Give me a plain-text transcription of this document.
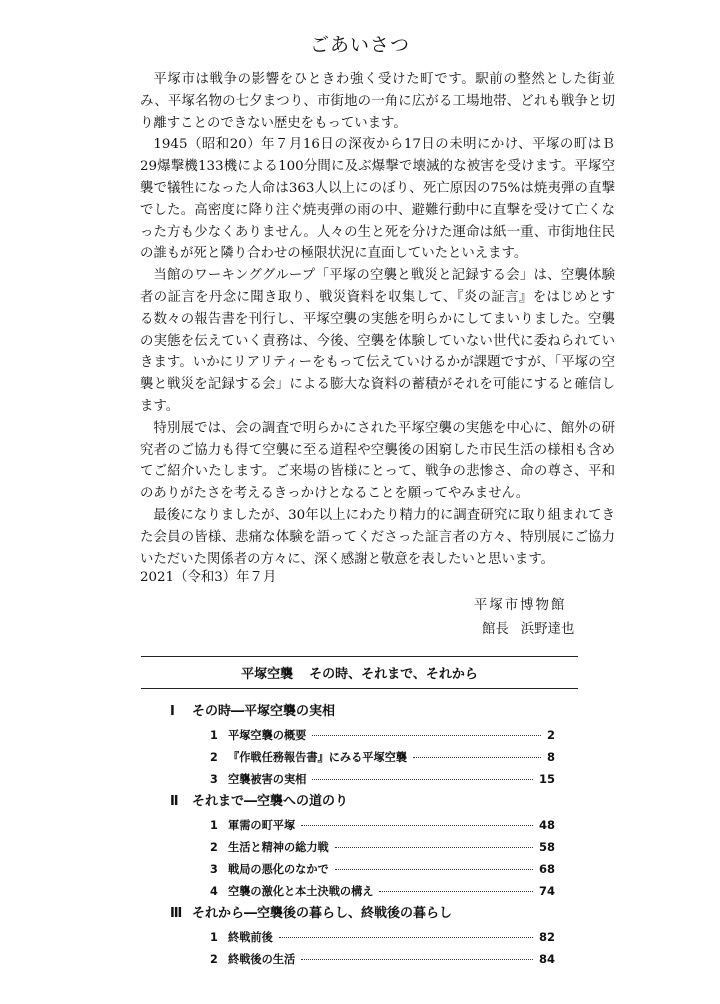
ごあいさつ

平塚市は戦争の影響をひときわ強く受けた町です。駅前の整然とした街並み、平塚名物の七夕まつり、市街地の一角に広がる工場地帯、どれも戦争と切り離すことのできない歴史をもっています。

1945（昭和20）年７月16日の深夜から17日の未明にかけ、平塚の町はＢ29爆撃機133機による100分間に及ぶ爆撃で壊滅的な被害を受けます。平塚空襲で犠牲になった人命は363人以上にのぼり、死亡原因の75%は焼夷弾の直撃でした。高密度に降り注ぐ焼夷弾の雨の中、避難行動中に直撃を受けて亡くなった方も少なくありません。人々の生と死を分けた運命は紙一重、市街地住民の誰もが死と隣り合わせの極限状況に直面していたといえます。

当館のワーキンググループ「平塚の空襲と戦災と記録する会」は、空襲体験者の証言を丹念に聞き取り、戦災資料を収集して、『炎の証言』をはじめとする数々の報告書を刊行し、平塚空襲の実態を明らかにしてまいりました。空襲の実態を伝えていく責務は、今後、空襲を体験していない世代に委ねられていきます。いかにリアリティーをもって伝えていけるかが課題ですが、「平塚の空襲と戦災を記録する会」による膨大な資料の蓄積がそれを可能にすると確信します。

特別展では、会の調査で明らかにされた平塚空襲の実態を中心に、館外の研究者のご協力も得て空襲に至る道程や空襲後の困窮した市民生活の様相も含めてご紹介いたします。ご来場の皆様にとって、戦争の悲惨さ、命の尊さ、平和のありがたさを考えるきっかけとなることを願ってやみません。

最後になりましたが、30年以上にわたり精力的に調査研究に取り組まれてきた会員の皆様、悲痛な体験を語ってくださった証言者の方々、特別展にご協力いただいた関係者の方々に、深く感謝と敬意を表したいと思います。

2021（令和3）年７月
平塚市博物館
館長 浜野達也
平塚空襲 その時、それまで、それから
Ⅰ その時―平塚空襲の実相
1 平塚空襲の概要	2
2 『作戦任務報告書』にみる平塚空襲	8
3 空襲被害の実相	15
Ⅱ それまで―空襲への道のり
1 軍需の町平塚	48
2 生活と精神の総力戦	58
3 戦局の悪化のなかで	68
4 空襲の激化と本土決戦の構え	74
Ⅲ それから―空襲後の暮らし、終戦後の暮らし
1 終戦前後	82
2 終戦後の生活	84
